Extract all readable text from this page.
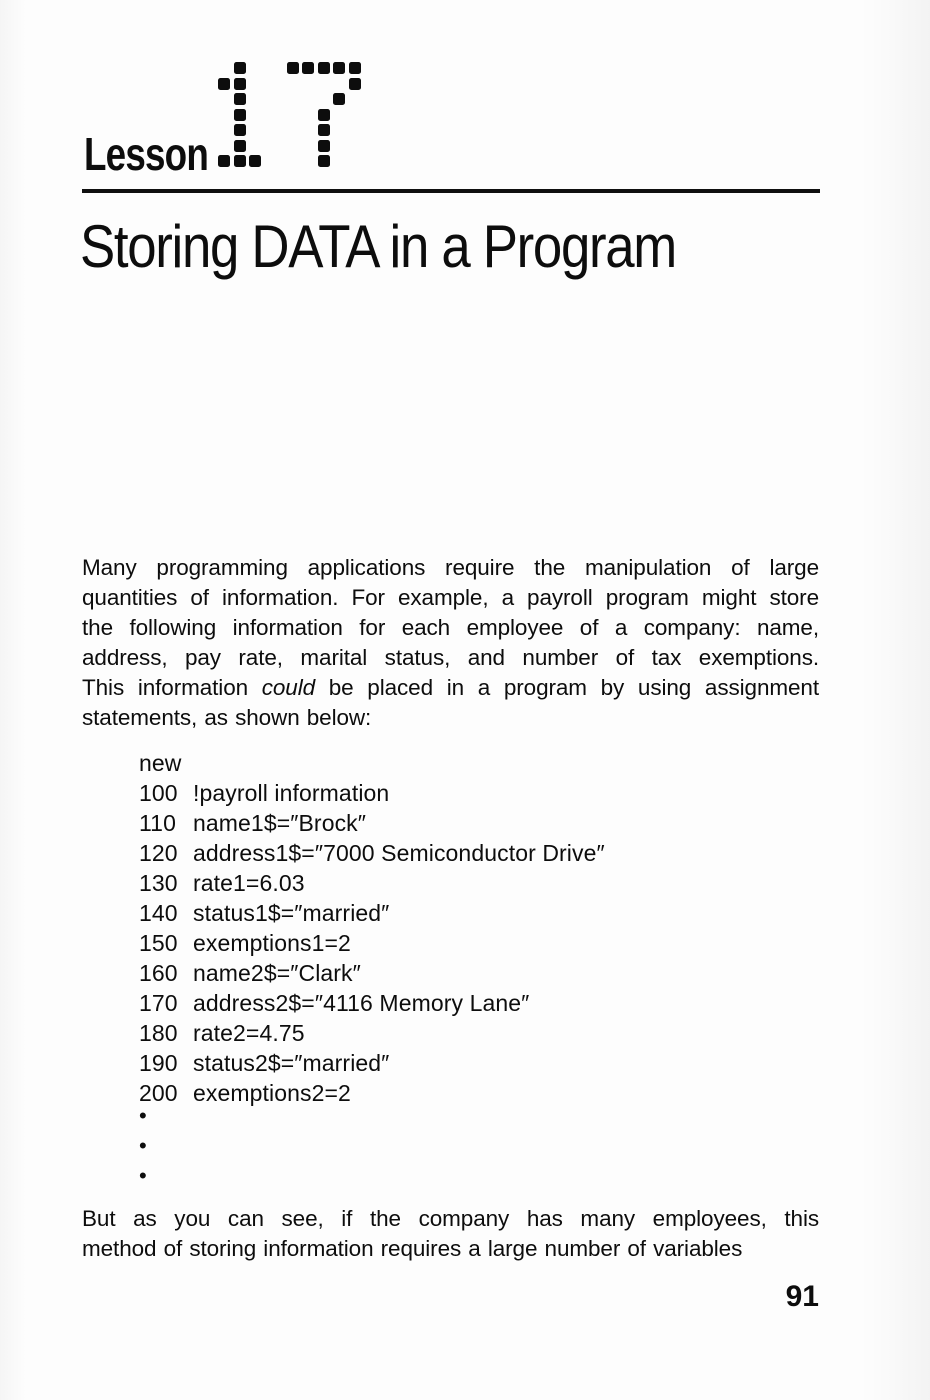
Lesson
Storing DATA in a Program
Many programming applications require the manipulation of large
quantities of information. For example, a payroll program might store
the following information for each employee of a company: name,
address, pay rate, marital status, and number of tax exemptions.
This information could be placed in a program by using assignment
statements, as shown below:
new
100 !payroll information
110 name1$=″Brock″
120 address1$=″7000 Semiconductor Drive″
130 rate1=6.03
140 status1$=″married″
150 exemptions1=2
160 name2$=″Clark″
170 address2$=″4116 Memory Lane″
180 rate2=4.75
190 status2$=″married″
200 exemptions2=2
•
•
•
But as you can see, if the company has many employees, this
method of storing information requires a large number of variables
91
